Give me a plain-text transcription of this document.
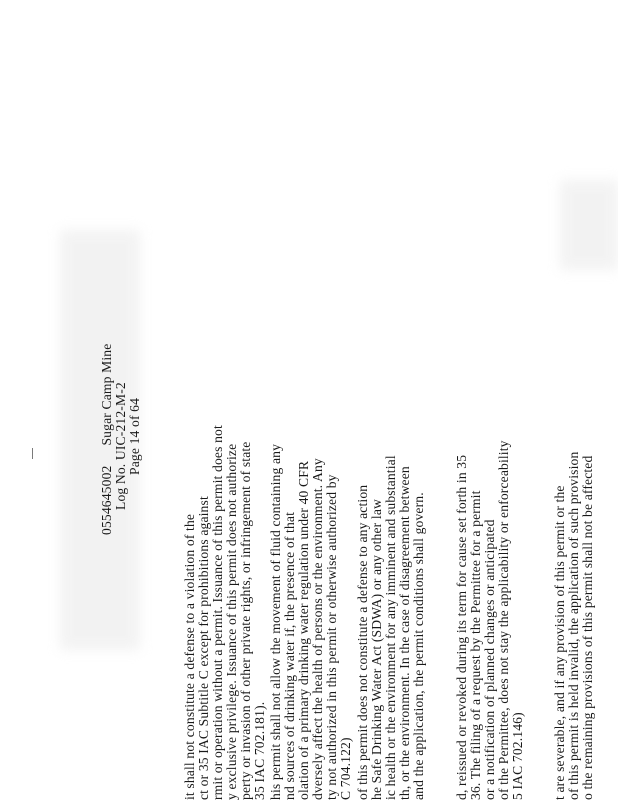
0554645002Sugar Camp Mine Log No. UIC-212-M-2 Page 14 of 64
it shall not constitute a defense to a violation of the ct or 35 IAC Subtitle C except for prohibitions against rmit or operation without a permit. Issuance of this permit does not y exclusive privilege. Issuance of this permit does not authorize perty or invasion of other private rights, or infringement of state 35 IAC 702.181). his permit shall not allow the movement of fluid containing any nd sources of drinking water if, the presence of that olation of a primary drinking water regulation under 40 CFR dversely affect the health of persons or the environment. Any ty not authorized in this permit or otherwise authorized by C 704.122) of this permit does not constitute a defense to any action he Safe Drinking Water Act (SDWA) or any other law ic health or the environment for any imminent and substantial th, or the environment. In the case of disagreement between and the application, the permit conditions shall govern. d, reissued or revoked during its term for cause set forth in 35 36. The filing of a request by the Permittee for a permit or a notification of planned changes or anticipated of the Permittee, does not stay the applicability or enforceability 5 IAC 702.146) t are severable, and if any provision of this permit or the of this permit is held invalid, the application of such provision o the remaining provisions of this permit shall not be affected
